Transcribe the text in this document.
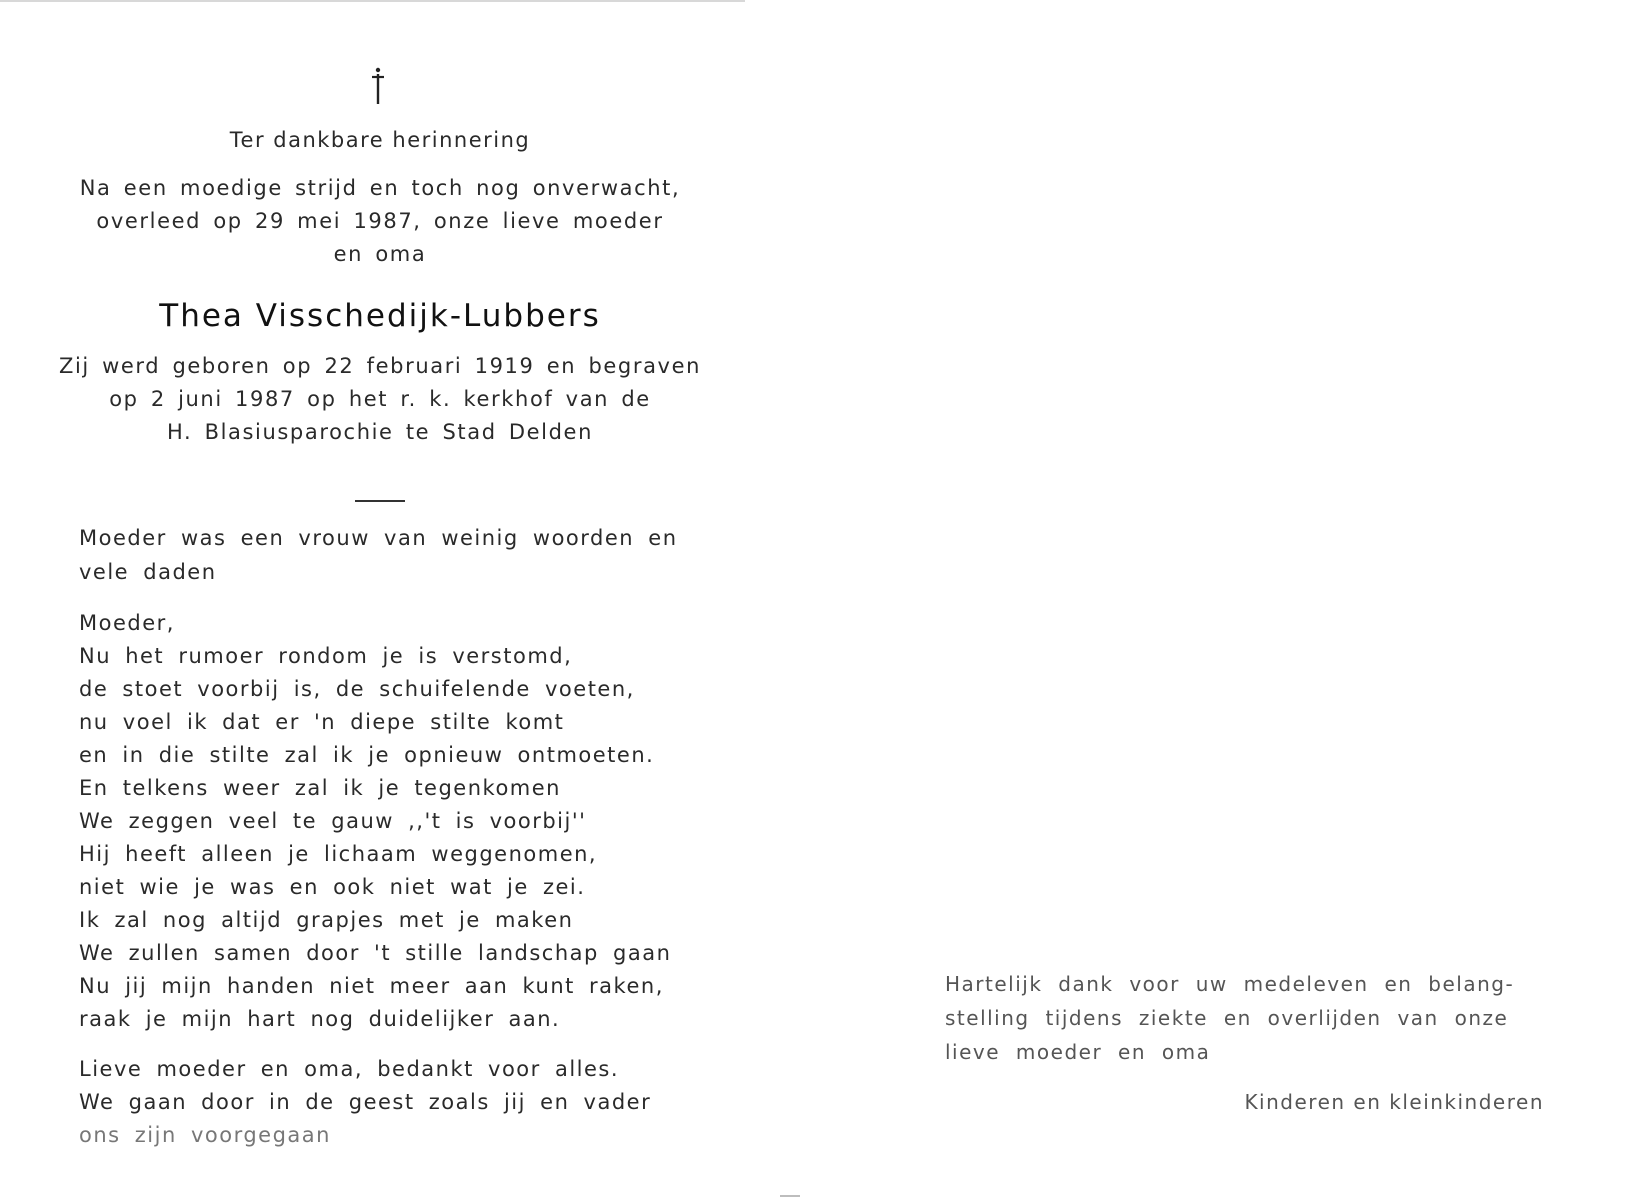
Ter dankbare herinnering
Na een moedige strijd en toch nog onverwacht,
overleed op 29 mei 1987, onze lieve moeder
en oma
Thea Visschedijk-Lubbers
Zij werd geboren op 22 februari 1919 en begraven
op 2 juni 1987 op het r. k. kerkhof van de
H. Blasiusparochie te Stad Delden
Moeder was een vrouw van weinig woorden en
vele daden
Moeder,
Nu het rumoer rondom je is verstomd,
de stoet voorbij is, de schuifelende voeten,
nu voel ik dat er 'n diepe stilte komt
en in die stilte zal ik je opnieuw ontmoeten.
En telkens weer zal ik je tegenkomen
We zeggen veel te gauw ,,'t is voorbij''
Hij heeft alleen je lichaam weggenomen,
niet wie je was en ook niet wat je zei.
Ik zal nog altijd grapjes met je maken
We zullen samen door 't stille landschap gaan
Nu jij mijn handen niet meer aan kunt raken,
raak je mijn hart nog duidelijker aan.
Lieve moeder en oma, bedankt voor alles.
We gaan door in de geest zoals jij en vader
ons zijn voorgegaan
Hartelijk dank voor uw medeleven en belang-
stelling tijdens ziekte en overlijden van onze
lieve moeder en oma
Kinderen en kleinkinderen
